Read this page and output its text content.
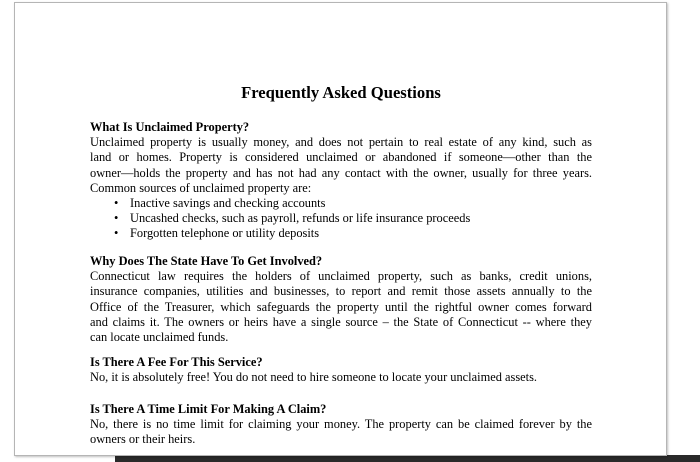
Frequently Asked Questions

What Is Unclaimed Property?

Unclaimed property is usually money, and does not pertain to real estate of any kind, such as

land or homes. Property is considered unclaimed or abandoned if someone—other than the

owner—holds the property and has not had any contact with the owner, usually for three years.

Common sources of unclaimed property are:

• Inactive savings and checking accounts
• Uncashed checks, such as payroll, refunds or life insurance proceeds
• Forgotten telephone or utility deposits

Why Does The State Have To Get Involved?

Connecticut law requires the holders of unclaimed property, such as banks, credit unions,

insurance companies, utilities and businesses, to report and remit those assets annually to the

Office of the Treasurer, which safeguards the property until the rightful owner comes forward

and claims it. The owners or heirs have a single source – the State of Connecticut -- where they

can locate unclaimed funds.

Is There A Fee For This Service?

No, it is absolutely free! You do not need to hire someone to locate your unclaimed assets.

Is There A Time Limit For Making A Claim?

No, there is no time limit for claiming your money. The property can be claimed forever by the

owners or their heirs.
